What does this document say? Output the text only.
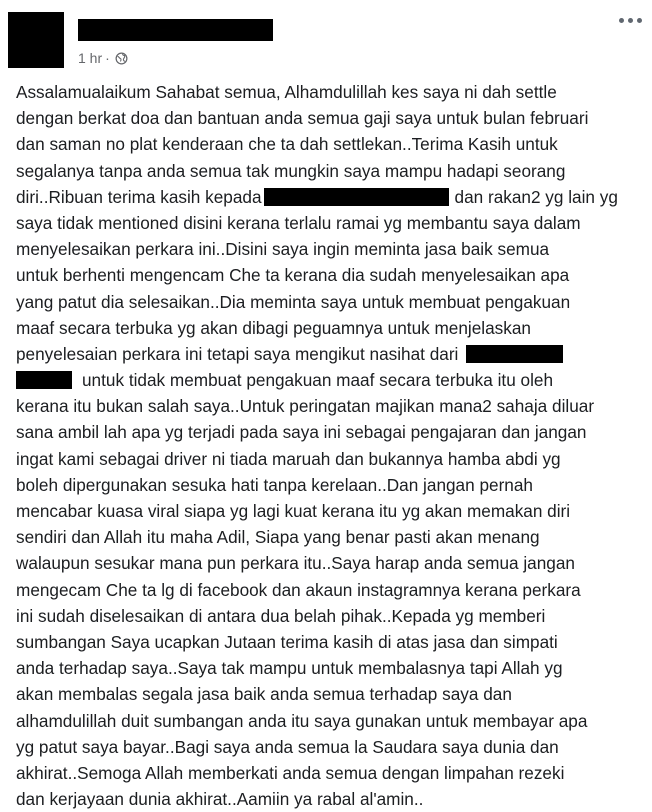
1 hr ·
Assalamualaikum Sahabat semua, Alhamdulillah kes saya ni dah settle
dengan berkat doa dan bantuan anda semua gaji saya untuk bulan februari
dan saman no plat kenderaan che ta dah settlekan..Terima Kasih untuk
segalanya tanpa anda semua tak mungkin saya mampu hadapi seorang
diri..Ribuan terima kasih kepada	dan rakan2 yg lain yg
saya tidak mentioned disini kerana terlalu ramai yg membantu saya dalam
menyelesaikan perkara ini..Disini saya ingin meminta jasa baik semua
untuk berhenti mengencam Che ta kerana dia sudah menyelesaikan apa
yang patut dia selesaikan..Dia meminta saya untuk membuat pengakuan
maaf secara terbuka yg akan dibagi peguamnya untuk menjelaskan
penyelesaian perkara ini tetapi saya mengikut nasihat dari
untuk tidak membuat pengakuan maaf secara terbuka itu oleh
kerana itu bukan salah saya..Untuk peringatan majikan mana2 sahaja diluar
sana ambil lah apa yg terjadi pada saya ini sebagai pengajaran dan jangan
ingat kami sebagai driver ni tiada maruah dan bukannya hamba abdi yg
boleh dipergunakan sesuka hati tanpa kerelaan..Dan jangan pernah
mencabar kuasa viral siapa yg lagi kuat kerana itu yg akan memakan diri
sendiri dan Allah itu maha Adil, Siapa yang benar pasti akan menang
walaupun sesukar mana pun perkara itu..Saya harap anda semua jangan
mengecam Che ta lg di facebook dan akaun instagramnya kerana perkara
ini sudah diselesaikan di antara dua belah pihak..Kepada yg memberi
sumbangan Saya ucapkan Jutaan terima kasih di atas jasa dan simpati
anda terhadap saya..Saya tak mampu untuk membalasnya tapi Allah yg
akan membalas segala jasa baik anda semua terhadap saya dan
alhamdulillah duit sumbangan anda itu saya gunakan untuk membayar apa
yg patut saya bayar..Bagi saya anda semua la Saudara saya dunia dan
akhirat..Semoga Allah memberkati anda semua dengan limpahan rezeki
dan kerjayaan dunia akhirat..Aamiin ya rabal al'amin..
